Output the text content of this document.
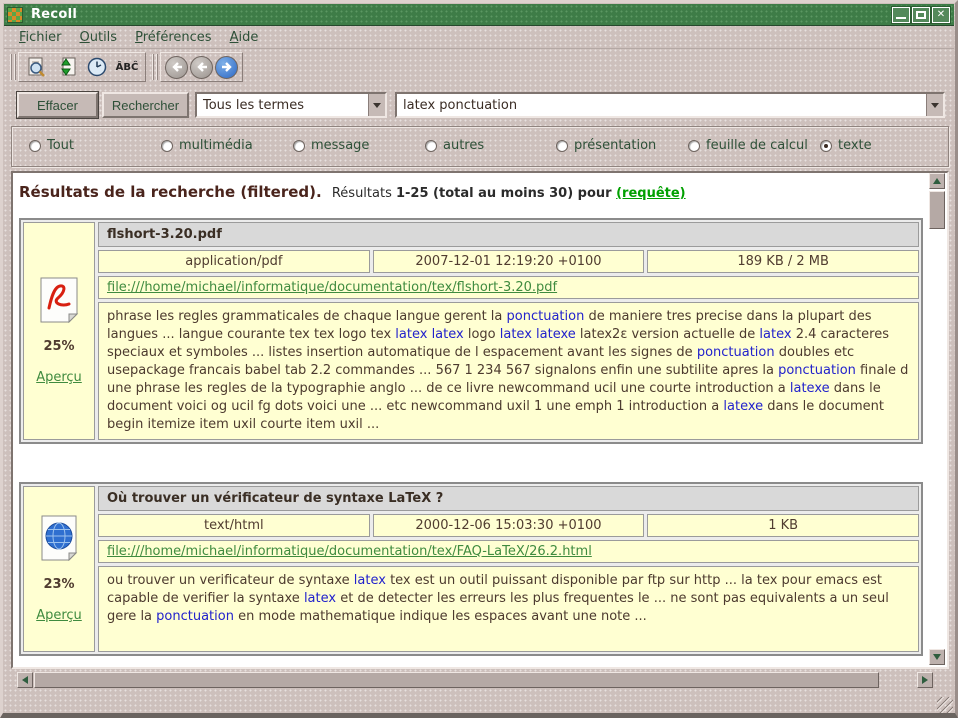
Recoll	✕
Fichier	Outils	Préférences	Aide
ÂBĈ
Effacer	Rechercher	Tous les termes	latex ponctuation
Tout	multimédia	message	autres	présentation	feuille de calcul texte
Résultats de la recherche (filtered). Résultats 1-25 (total au moins 30) pour (requête)
25%
Aperçu
flshort-3.20.pdf
application/pdf	2007-12-01 12:19:20 +0100	189 KB / 2 MB
file:///home/michael/informatique/documentation/tex/flshort-3.20.pdf
phrase les regles grammaticales de chaque langue gerent la ponctuation de maniere tres precise dans la plupart des langues ... langue courante tex tex logo tex latex latex logo latex latexe latex2ε version actuelle de latex 2.4 caracteres speciaux et symboles ... listes insertion automatique de l espacement avant les signes de ponctuation doubles etc usepackage francais babel tab 2.2 commandes ... 567 1 234 567 signalons enfin une subtilite apres la ponctuation finale d une phrase les regles de la typographie anglo ... de ce livre newcommand ucil une courte introduction a latexe dans le document voici og ucil fg dots voici une ... etc newcommand uxil 1 une emph 1 introduction a latexe dans le document begin itemize item uxil courte item uxil ...
23%
Aperçu
Où trouver un vérificateur de syntaxe LaTeX ?
text/html	2000-12-06 15:03:30 +0100	1 KB
file:///home/michael/informatique/documentation/tex/FAQ-LaTeX/26.2.html
ou trouver un verificateur de syntaxe latex tex est un outil puissant disponible par ftp sur http ... la tex pour emacs est capable de verifier la syntaxe latex et de detecter les erreurs les plus frequentes le ... ne sont pas equivalents a un seul gere la ponctuation en mode mathematique indique les espaces avant une note ...
